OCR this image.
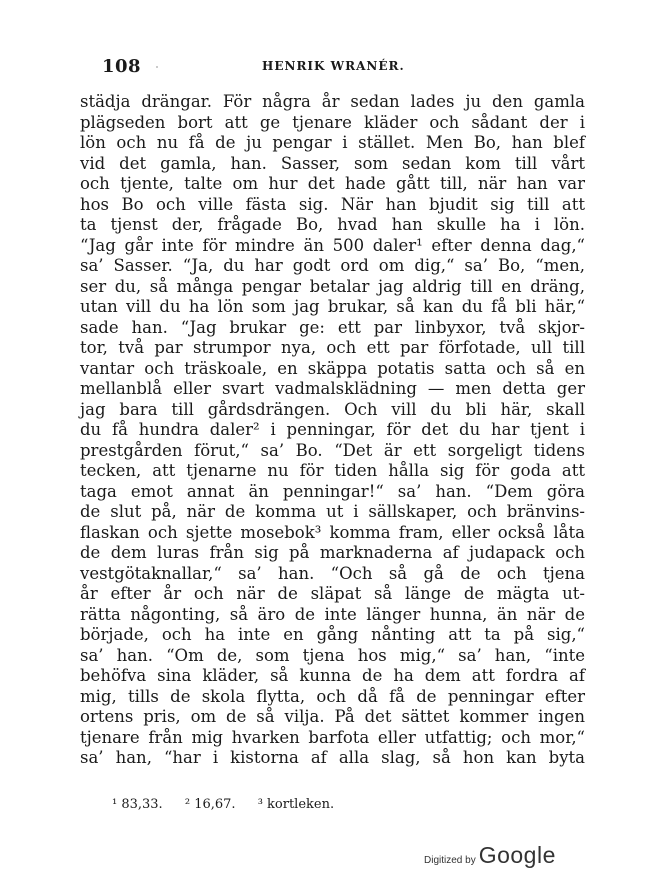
108	HENRIK WRANÉR.
städja drängar. För några år sedan lades ju den gamla
plägseden bort att ge tjenare kläder och sådant der i
lön och nu få de ju pengar i stället. Men Bo, han blef
vid det gamla, han. Sasser, som sedan kom till vårt
och tjente, talte om hur det hade gått till, när han var
hos Bo och ville fästa sig. När han bjudit sig till att
ta tjenst der, frågade Bo, hvad han skulle ha i lön.
“Jag går inte för mindre än 500 daler¹ efter denna dag,“
sa’ Sasser. “Ja, du har godt ord om dig,“ sa’ Bo, “men,
ser du, så många pengar betalar jag aldrig till en dräng,
utan vill du ha lön som jag brukar, så kan du få bli här,“
sade han. “Jag brukar ge: ett par linbyxor, två skjor-
tor, två par strumpor nya, och ett par förfotade, ull till
vantar och träskoale, en skäppa potatis satta och så en
mellanblå eller svart vadmalsklädning — men detta ger
jag bara till gårdsdrängen. Och vill du bli här, skall
du få hundra daler² i penningar, för det du har tjent i
prestgården förut,“ sa’ Bo. “Det är ett sorgeligt tidens
tecken, att tjenarne nu för tiden hålla sig för goda att
taga emot annat än penningar!“ sa’ han. “Dem göra
de slut på, när de komma ut i sällskaper, och bränvins-
flaskan och sjette mosebok³ komma fram, eller också låta
de dem luras från sig på marknaderna af judapack och
vestgötaknallar,“ sa’ han. “Och så gå de och tjena
år efter år och när de släpat så länge de mägta ut-
rätta någonting, så äro de inte länger hunna, än när de
började, och ha inte en gång nånting att ta på sig,“
sa’ han. “Om de, som tjena hos mig,“ sa’ han, “inte
behöfva sina kläder, så kunna de ha dem att fordra af
mig, tills de skola flytta, och då få de penningar efter
ortens pris, om de så vilja. På det sättet kommer ingen
tjenare från mig hvarken barfota eller utfattig; och mor,“
sa’ han, “har i kistorna af alla slag, så hon kan byta
¹ 83,33. ² 16,67. ³ kortleken.
Digitized by Google
